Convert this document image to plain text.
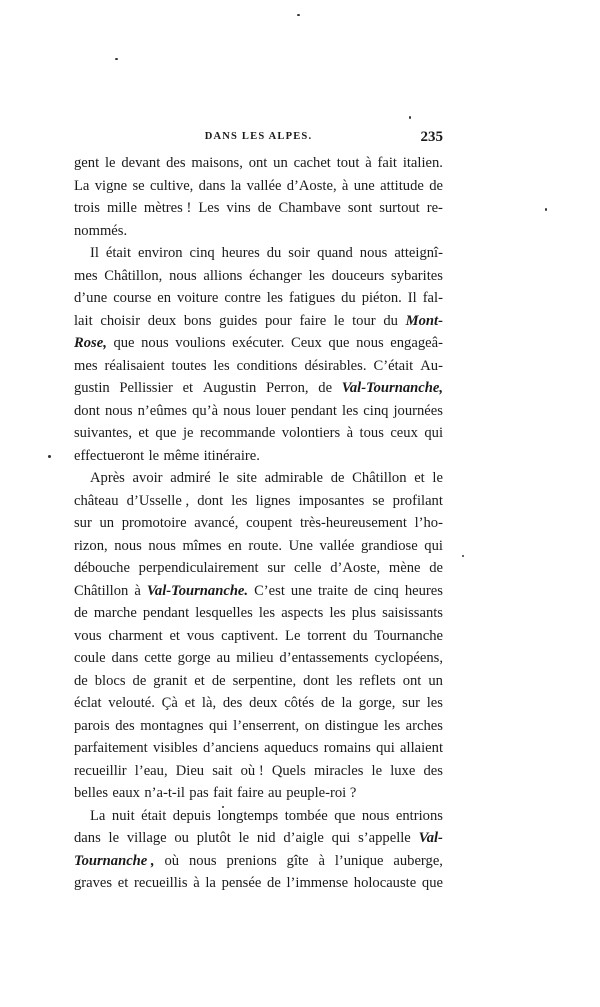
DANS LES ALPES.	235
gent le devant des maisons, ont un cachet tout à fait italien.
La vigne se cultive, dans la vallée d’Aoste, à une attitude de
trois mille mètres ! Les vins de Chambave sont surtout re-
nommés.
Il était environ cinq heures du soir quand nous atteignî-
mes Châtillon, nous allions échanger les douceurs sybarites
d’une course en voiture contre les fatigues du piéton. Il fal-
lait choisir deux bons guides pour faire le tour du Mont-
Rose, que nous voulions exécuter. Ceux que nous engageâ-
mes réalisaient toutes les conditions désirables. C’était Au-
gustin Pellissier et Augustin Perron, de Val-Tournanche,
dont nous n’eûmes qu’à nous louer pendant les cinq journées
suivantes, et que je recommande volontiers à tous ceux qui
effectueront le même itinéraire.
Après avoir admiré le site admirable de Châtillon et le
château d’Usselle , dont les lignes imposantes se profilant
sur un promotoire avancé, coupent très-heureusement l’ho-
rizon, nous nous mîmes en route. Une vallée grandiose qui
débouche perpendiculairement sur celle d’Aoste, mène de
Châtillon à Val-Tournanche. C’est une traite de cinq heures
de marche pendant lesquelles les aspects les plus saisissants
vous charment et vous captivent. Le torrent du Tournanche
coule dans cette gorge au milieu d’entassements cyclopéens,
de blocs de granit et de serpentine, dont les reflets ont un
éclat velouté. Çà et là, des deux côtés de la gorge, sur les
parois des montagnes qui l’enserrent, on distingue les arches
parfaitement visibles d’anciens aqueducs romains qui allaient
recueillir l’eau, Dieu sait où ! Quels miracles le luxe des
belles eaux n’a-t-il pas fait faire au peuple-roi ?
La nuit était depuis longtemps tombée que nous entrions
dans le village ou plutôt le nid d’aigle qui s’appelle Val-
Tournanche , où nous prenions gîte à l’unique auberge,
graves et recueillis à la pensée de l’immense holocauste que
